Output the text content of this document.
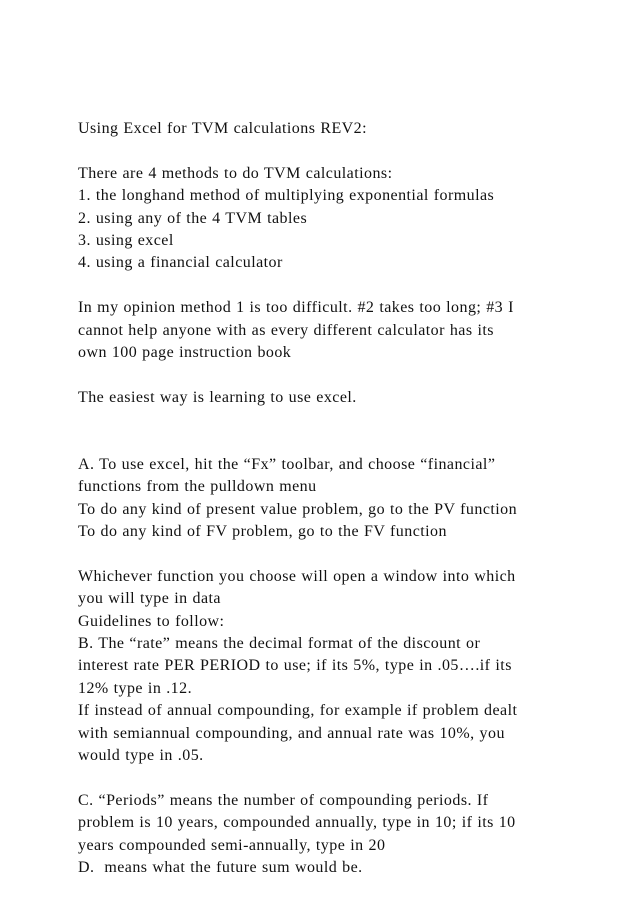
Using Excel for TVM calculations REV2:
There are 4 methods to do TVM calculations:
1. the longhand method of multiplying exponential formulas
2. using any of the 4 TVM tables
3. using excel
4. using a financial calculator
In my opinion method 1 is too difficult. #2 takes too long; #3 I
cannot help anyone with as every different calculator has its
own 100 page instruction book
The easiest way is learning to use excel.
A. To use excel, hit the “Fx” toolbar, and choose “financial”
functions from the pulldown menu
To do any kind of present value problem, go to the PV function
To do any kind of FV problem, go to the FV function
Whichever function you choose will open a window into which
you will type in data
Guidelines to follow:
B. The “rate” means the decimal format of the discount or
interest rate PER PERIOD to use; if its 5%, type in .05….if its
12% type in .12.
If instead of annual compounding, for example if problem dealt
with semiannual compounding, and annual rate was 10%, you
would type in .05.
C. “Periods” means the number of compounding periods. If
problem is 10 years, compounded annually, type in 10; if its 10
years compounded semi-annually, type in 20
D.  means what the future sum would be.
